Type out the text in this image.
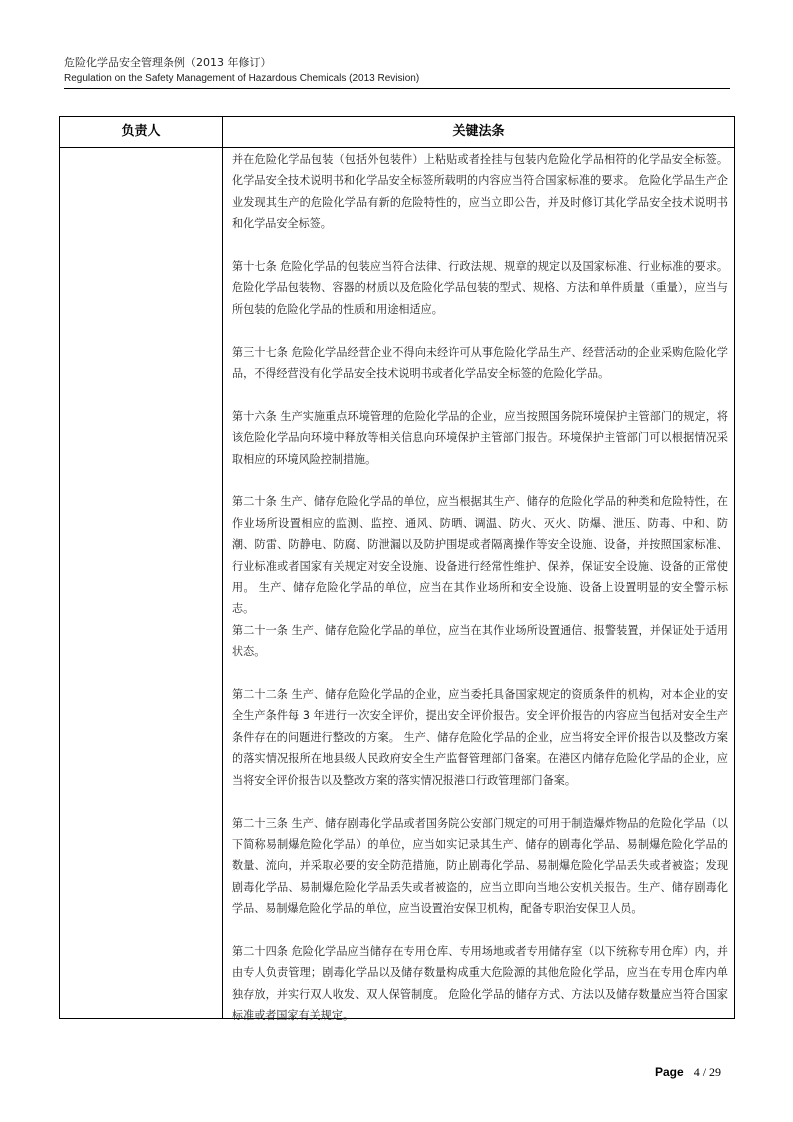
危险化学品安全管理条例（2013 年修订）
Regulation on the Safety Management of Hazardous Chemicals (2013 Revision)
负责人	关键法条

并在危险化学品包装（包括外包装件）上粘贴或者拴挂与包装内危险化学品相符的化学品安全标签。化学品安全技术说明书和化学品安全标签所载明的内容应当符合国家标准的要求。 危险化学品生产企业发现其生产的危险化学品有新的危险特性的，应当立即公告，并及时修订其化学品安全技术说明书和化学品安全标签。

第十七条 危险化学品的包装应当符合法律、行政法规、规章的规定以及国家标准、行业标准的要求。 危险化学品包装物、容器的材质以及危险化学品包装的型式、规格、方法和单件质量（重量），应当与所包装的危险化学品的性质和用途相适应。

第三十七条 危险化学品经营企业不得向未经许可从事危险化学品生产、经营活动的企业采购危险化学品，不得经营没有化学品安全技术说明书或者化学品安全标签的危险化学品。

第十六条 生产实施重点环境管理的危险化学品的企业，应当按照国务院环境保护主管部门的规定，将该危险化学品向环境中释放等相关信息向环境保护主管部门报告。环境保护主管部门可以根据情况采取相应的环境风险控制措施。

第二十条 生产、储存危险化学品的单位，应当根据其生产、储存的危险化学品的种类和危险特性，在作业场所设置相应的监测、监控、通风、防晒、调温、防火、灭火、防爆、泄压、防毒、中和、防潮、防雷、防静电、防腐、防泄漏以及防护围堤或者隔离操作等安全设施、设备，并按照国家标准、行业标准或者国家有关规定对安全设施、设备进行经常性维护、保养，保证安全设施、设备的正常使用。 生产、储存危险化学品的单位，应当在其作业场所和安全设施、设备上设置明显的安全警示标志。

第二十一条 生产、储存危险化学品的单位，应当在其作业场所设置通信、报警装置，并保证处于适用状态。

第二十二条 生产、储存危险化学品的企业，应当委托具备国家规定的资质条件的机构，对本企业的安全生产条件每 3 年进行一次安全评价，提出安全评价报告。安全评价报告的内容应当包括对安全生产条件存在的问题进行整改的方案。 生产、储存危险化学品的企业，应当将安全评价报告以及整改方案的落实情况报所在地县级人民政府安全生产监督管理部门备案。在港区内储存危险化学品的企业，应当将安全评价报告以及整改方案的落实情况报港口行政管理部门备案。

第二十三条 生产、储存剧毒化学品或者国务院公安部门规定的可用于制造爆炸物品的危险化学品（以下简称易制爆危险化学品）的单位，应当如实记录其生产、储存的剧毒化学品、易制爆危险化学品的数量、流向，并采取必要的安全防范措施，防止剧毒化学品、易制爆危险化学品丢失或者被盗；发现剧毒化学品、易制爆危险化学品丢失或者被盗的，应当立即向当地公安机关报告。生产、储存剧毒化学品、易制爆危险化学品的单位，应当设置治安保卫机构，配备专职治安保卫人员。

第二十四条 危险化学品应当储存在专用仓库、专用场地或者专用储存室（以下统称专用仓库）内，并由专人负责管理；剧毒化学品以及储存数量构成重大危险源的其他危险化学品，应当在专用仓库内单独存放，并实行双人收发、双人保管制度。 危险化学品的储存方式、方法以及储存数量应当符合国家标准或者国家有关规定。

Page 4 / 29
